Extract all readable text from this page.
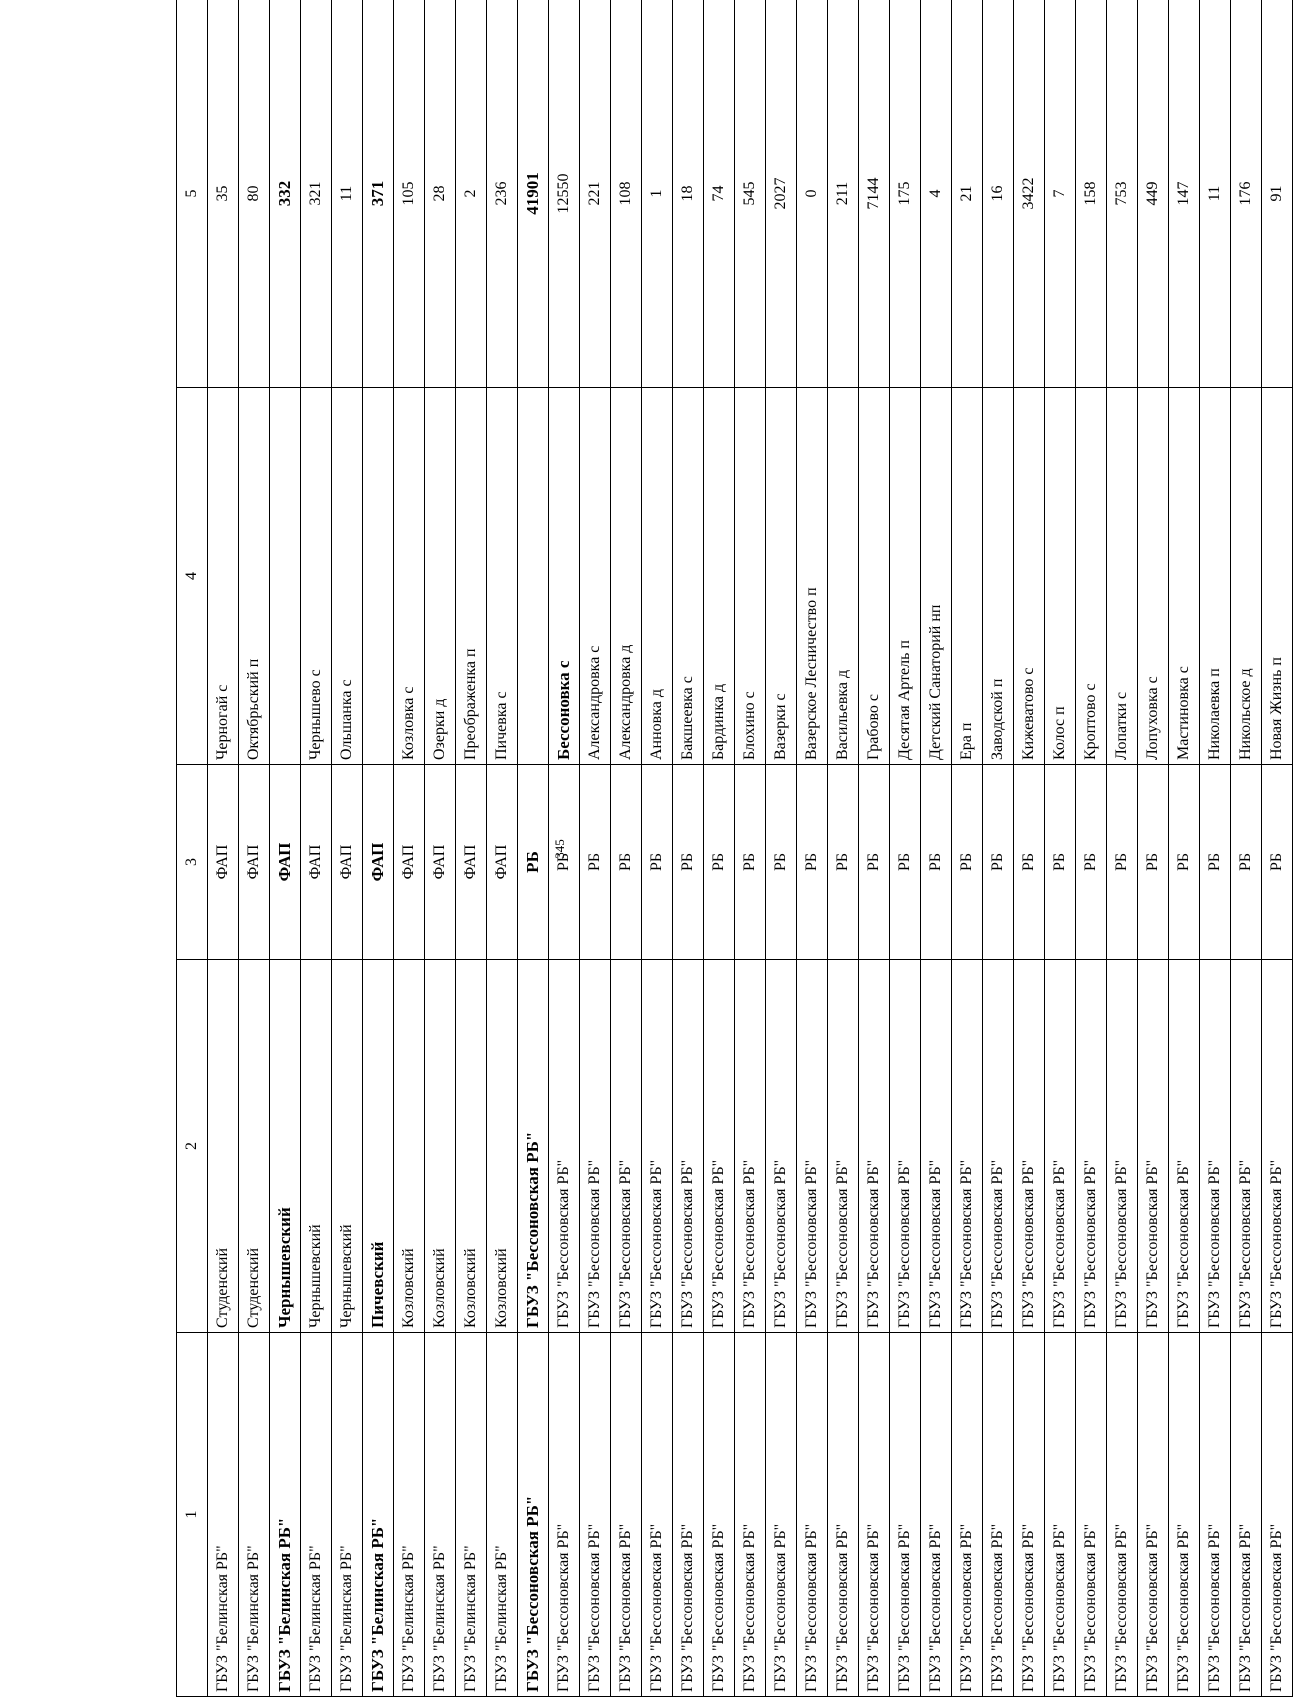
345
1	2	3	4	5
ГБУЗ "Белинская РБ"	Студенский	ФАП	Черногай с	35
ГБУЗ "Белинская РБ"	Студенский	ФАП	Октябрьский п	80
ГБУЗ "Белинская РБ"	Чернышевский	ФАП		332
ГБУЗ "Белинская РБ"	Чернышевский	ФАП	Чернышево с	321
ГБУЗ "Белинская РБ"	Чернышевский	ФАП	Ольшанка с	11
ГБУЗ "Белинская РБ"	Пичевский	ФАП		371
ГБУЗ "Белинская РБ"	Козловский	ФАП	Козловка с	105
ГБУЗ "Белинская РБ"	Козловский	ФАП	Озерки д	28
ГБУЗ "Белинская РБ"	Козловский	ФАП	Преображенка п	2
ГБУЗ "Белинская РБ"	Козловский	ФАП	Пичевка с	236
ГБУЗ "Бессоновская РБ"	ГБУЗ "Бессоновская РБ"	РБ		41901
ГБУЗ "Бессоновская РБ"	ГБУЗ "Бессоновская РБ"	РБ	Бессоновка с	12550
ГБУЗ "Бессоновская РБ"	ГБУЗ "Бессоновская РБ"	РБ	Александровка с	221
ГБУЗ "Бессоновская РБ"	ГБУЗ "Бессоновская РБ"	РБ	Александровка д	108
ГБУЗ "Бессоновская РБ"	ГБУЗ "Бессоновская РБ"	РБ	Анновка д	1
ГБУЗ "Бессоновская РБ"	ГБУЗ "Бессоновская РБ"	РБ	Бакшеевка с	18
ГБУЗ "Бессоновская РБ"	ГБУЗ "Бессоновская РБ"	РБ	Бардинка д	74
ГБУЗ "Бессоновская РБ"	ГБУЗ "Бессоновская РБ"	РБ	Блохино с	545
ГБУЗ "Бессоновская РБ"	ГБУЗ "Бессоновская РБ"	РБ	Вазерки с	2027
ГБУЗ "Бессоновская РБ"	ГБУЗ "Бессоновская РБ"	РБ	Вазерское Лесничество п	0
ГБУЗ "Бессоновская РБ"	ГБУЗ "Бессоновская РБ"	РБ	Васильевка д	211
ГБУЗ "Бессоновская РБ"	ГБУЗ "Бессоновская РБ"	РБ	Грабово с	7144
ГБУЗ "Бессоновская РБ"	ГБУЗ "Бессоновская РБ"	РБ	Десятая Артель п	175
ГБУЗ "Бессоновская РБ"	ГБУЗ "Бессоновская РБ"	РБ	Детский Санаторий нп	4
ГБУЗ "Бессоновская РБ"	ГБУЗ "Бессоновская РБ"	РБ	Ера п	21
ГБУЗ "Бессоновская РБ"	ГБУЗ "Бессоновская РБ"	РБ	Заводской п	16
ГБУЗ "Бессоновская РБ"	ГБУЗ "Бессоновская РБ"	РБ	Кижеватово с	3422
ГБУЗ "Бессоновская РБ"	ГБУЗ "Бессоновская РБ"	РБ	Колос п	7
ГБУЗ "Бессоновская РБ"	ГБУЗ "Бессоновская РБ"	РБ	Кроптово с	158
ГБУЗ "Бессоновская РБ"	ГБУЗ "Бессоновская РБ"	РБ	Лопатки с	753
ГБУЗ "Бессоновская РБ"	ГБУЗ "Бессоновская РБ"	РБ	Лопуховка с	449
ГБУЗ "Бессоновская РБ"	ГБУЗ "Бессоновская РБ"	РБ	Мастиновка с	147
ГБУЗ "Бессоновская РБ"	ГБУЗ "Бессоновская РБ"	РБ	Николаевка п	11
ГБУЗ "Бессоновская РБ"	ГБУЗ "Бессоновская РБ"	РБ	Никольское д	176
ГБУЗ "Бессоновская РБ"	ГБУЗ "Бессоновская РБ"	РБ	Новая Жизнь п	91
